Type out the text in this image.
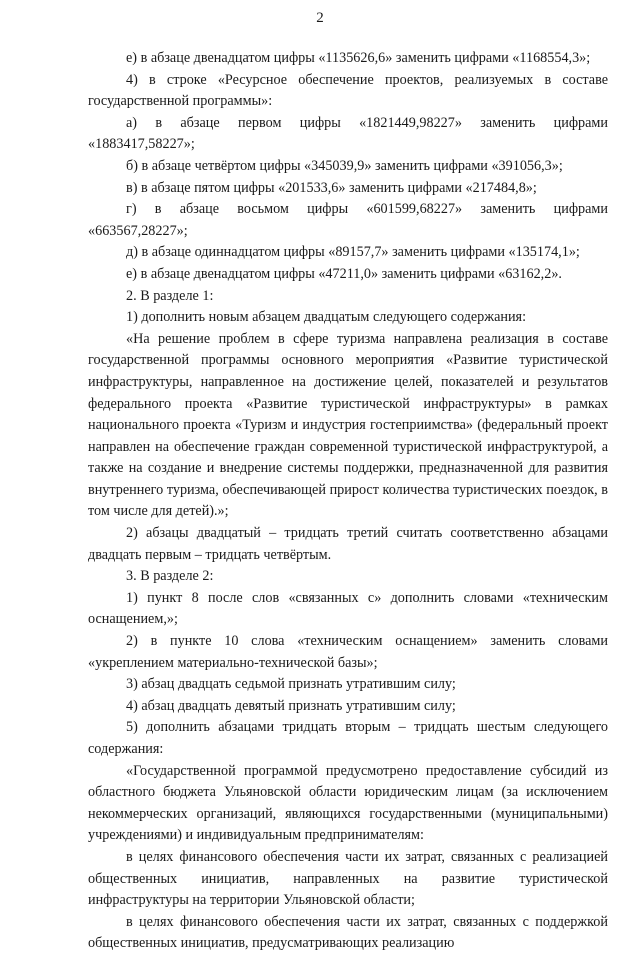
2

е) в абзаце двенадцатом цифры «1135626,6» заменить цифрами «1168554,3»;

4) в строке «Ресурсное обеспечение проектов, реализуемых в составе государственной программы»:

а) в абзаце первом цифры «1821449,98227» заменить цифрами «1883417,58227»;

б) в абзаце четвёртом цифры «345039,9» заменить цифрами «391056,3»;

в) в абзаце пятом цифры «201533,6» заменить цифрами «217484,8»;

г) в абзаце восьмом цифры «601599,68227» заменить цифрами «663567,28227»;

д) в абзаце одиннадцатом цифры «89157,7» заменить цифрами «135174,1»;

е) в абзаце двенадцатом цифры «47211,0» заменить цифрами «63162,2».

2. В разделе 1:

1) дополнить новым абзацем двадцатым следующего содержания:

«На решение проблем в сфере туризма направлена реализация в составе государственной программы основного мероприятия «Развитие туристической инфраструктуры, направленное на достижение целей, показателей и результатов федерального проекта «Развитие туристической инфраструктуры» в рамках национального проекта «Туризм и индустрия гостеприимства» (федеральный проект направлен на обеспечение граждан современной туристической инфраструктурой, а также на создание и внедрение системы поддержки, предназначенной для развития внутреннего туризма, обеспечивающей прирост количества туристических поездок, в том числе для детей).»;

2) абзацы двадцатый – тридцать третий считать соответственно абзацами двадцать первым – тридцать четвёртым.

3. В разделе 2:

1) пункт 8 после слов «связанных с» дополнить словами «техническим оснащением,»;

2) в пункте 10 слова «техническим оснащением» заменить словами «укреплением материально-технической базы»;

3) абзац двадцать седьмой признать утратившим силу;

4) абзац двадцать девятый признать утратившим силу;

5) дополнить абзацами тридцать вторым – тридцать шестым следующего содержания:

«Государственной программой предусмотрено предоставление субсидий из областного бюджета Ульяновской области юридическим лицам (за исключением некоммерческих организаций, являющихся государственными (муниципальными) учреждениями) и индивидуальным предпринимателям:

в целях финансового обеспечения части их затрат, связанных с реализацией общественных инициатив, направленных на развитие туристической инфраструктуры на территории Ульяновской области;

в целях финансового обеспечения части их затрат, связанных с поддержкой общественных инициатив, предусматривающих реализацию
